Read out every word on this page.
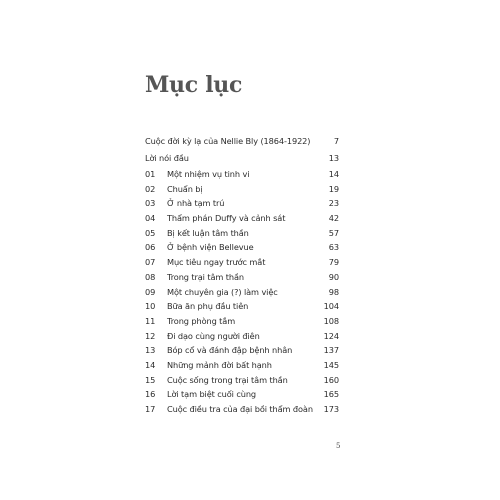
Mục lục
Cuộc đời kỳ lạ của Nellie Bly (1864-1922)	7
Lời nói đầu	13
01	Một nhiệm vụ tinh vi	14
02	Chuẩn bị	19
03	Ở nhà tạm trú	23
04	Thẩm phán Duffy và cảnh sát	42
05	Bị kết luận tâm thần	57
06	Ở bệnh viện Bellevue	63
07	Mục tiêu ngay trước mắt	79
08	Trong trại tâm thần	90
09	Một chuyên gia (?) làm việc	98
10	Bữa ăn phụ đầu tiên	104
11	Trong phòng tắm	108
12	Đi dạo cùng người điên	124
13	Bóp cổ và đánh đập bệnh nhân	137
14	Những mảnh đời bất hạnh	145
15	Cuộc sống trong trại tâm thần	160
16	Lời tạm biệt cuối cùng	165
17	Cuộc điều tra của đại bồi thẩm đoàn	173
5
